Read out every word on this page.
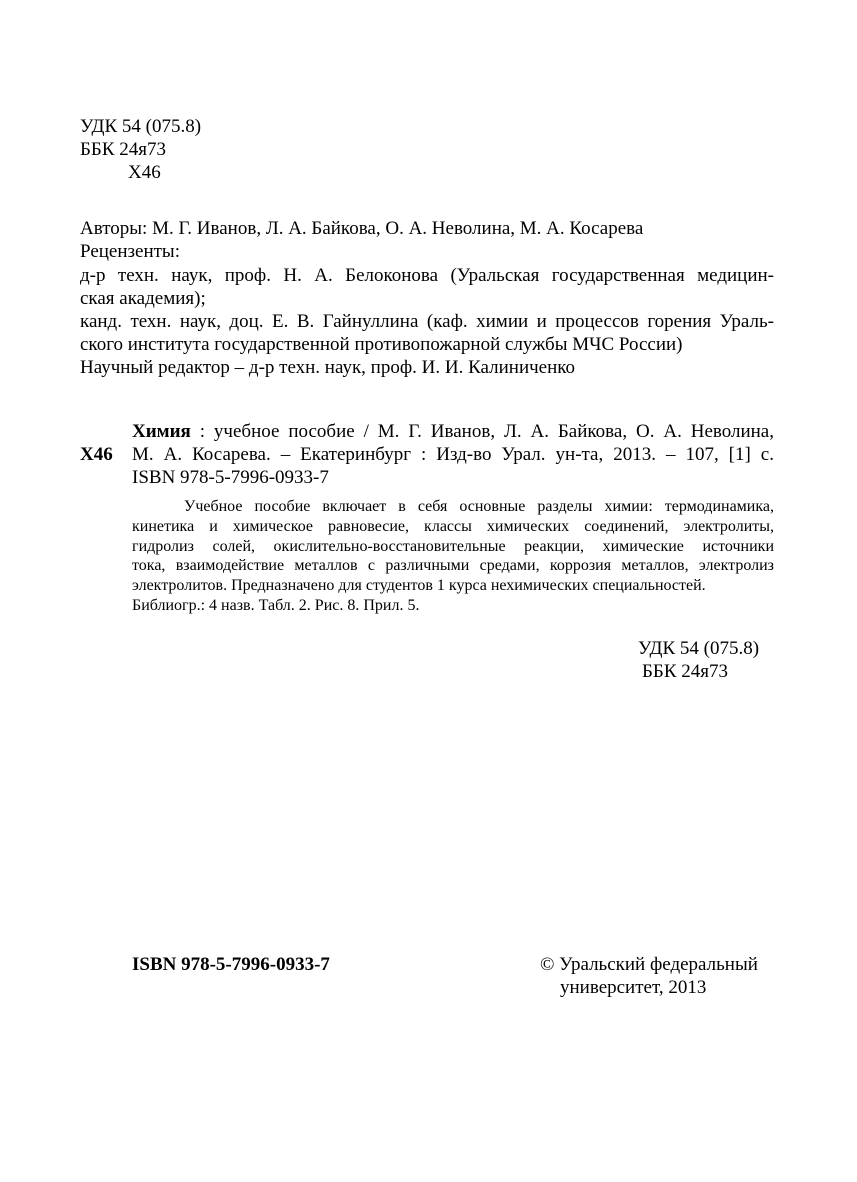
УДК 54 (075.8)
ББК 24я73
Х46
Авторы: М. Г. Иванов, Л. А. Байкова, О. А. Неволина, М. А. Косарева
Рецензенты:
д-р техн. наук, проф. Н. А. Белоконова (Уральская государственная медицин-
ская академия);
канд. техн. наук, доц. Е. В. Гайнуллина (каф. химии и процессов горения Ураль-
ского института государственной противопожарной службы МЧС России)
Научный редактор – д-р техн. наук, проф. И. И. Калиниченко
Х46
Химия : учебное пособие / М. Г. Иванов, Л. А. Байкова, О. А. Неволина,
М. А. Косарева. – Екатеринбург : Изд-во Урал. ун-та, 2013. – 107, [1] с.
ISBN 978-5-7996-0933-7
Учебное пособие включает в себя основные разделы химии: термодинамика,
кинетика и химическое равновесие, классы химических соединений, электролиты,
гидролиз солей, окислительно-восстановительные реакции, химические источники
тока, взаимодействие металлов с различными средами, коррозия металлов, электролиз
электролитов. Предназначено для студентов 1 курса нехимических специальностей.
Библиогр.: 4 назв. Табл. 2. Рис. 8. Прил. 5.
УДК 54 (075.8)
ББК 24я73
ISBN 978-5-7996-0933-7	© Уральский федеральный
университет, 2013
